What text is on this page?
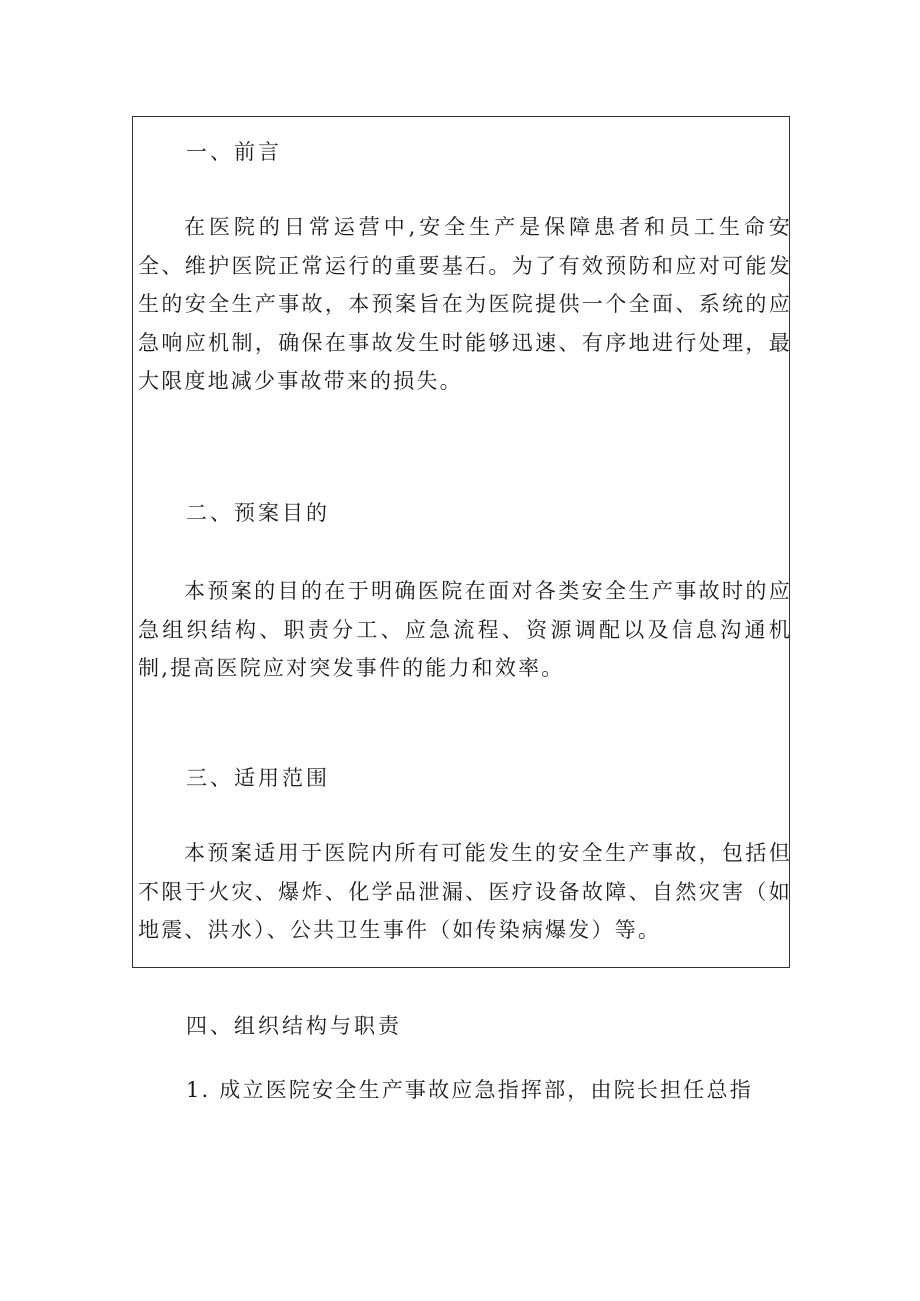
一、前言

在医院的日常运营中,安全生产是保障患者和员工生命安全、维护医院正常运行的重要基石。为了有效预防和应对可能发生的安全生产事故，本预案旨在为医院提供一个全面、系统的应急响应机制，确保在事故发生时能够迅速、有序地进行处理，最大限度地减少事故带来的损失。

二、预案目的

本预案的目的在于明确医院在面对各类安全生产事故时的应急组织结构、职责分工、应急流程、资源调配以及信息沟通机制,提高医院应对突发事件的能力和效率。

三、适用范围

本预案适用于医院内所有可能发生的安全生产事故，包括但不限于火灾、爆炸、化学品泄漏、医疗设备故障、自然灾害（如地震、洪水）、公共卫生事件（如传染病爆发）等。

四、组织结构与职责
1. 成立医院安全生产事故应急指挥部，由院长担任总指
